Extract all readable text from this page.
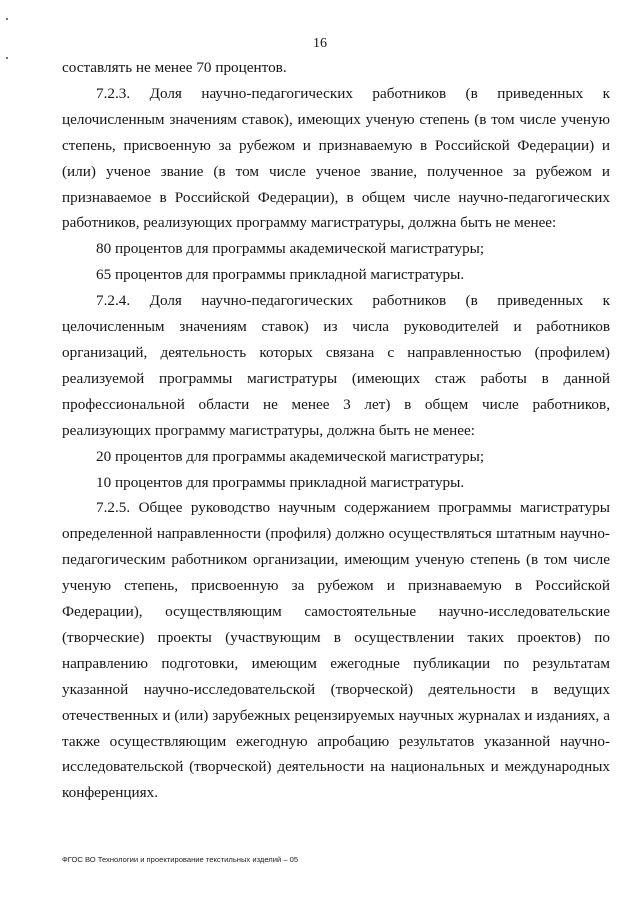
16

составлять не менее 70 процентов.

7.2.3. Доля научно-педагогических работников (в приведенных к целочисленным значениям ставок), имеющих ученую степень (в том числе ученую степень, присвоенную за рубежом и признаваемую в Российской Федерации) и (или) ученое звание (в том числе ученое звание, полученное за рубежом и признаваемое в Российской Федерации), в общем числе научно-педагогических работников, реализующих программу магистратуры, должна быть не менее:

80 процентов для программы академической магистратуры;

65 процентов для программы прикладной магистратуры.

7.2.4. Доля научно-педагогических работников (в приведенных к целочисленным значениям ставок) из числа руководителей и работников организаций, деятельность которых связана с направленностью (профилем) реализуемой программы магистратуры (имеющих стаж работы в данной профессиональной области не менее 3 лет) в общем числе работников, реализующих программу магистратуры, должна быть не менее:

20 процентов для программы академической магистратуры;

10 процентов для программы прикладной магистратуры.

7.2.5. Общее руководство научным содержанием программы магистратуры определенной направленности (профиля) должно осуществляться штатным научно-педагогическим работником организации, имеющим ученую степень (в том числе ученую степень, присвоенную за рубежом и признаваемую в Российской Федерации), осуществляющим самостоятельные научно-исследовательские (творческие) проекты (участвующим в осуществлении таких проектов) по направлению подготовки, имеющим ежегодные публикации по результатам указанной научно-исследовательской (творческой) деятельности в ведущих отечественных и (или) зарубежных рецензируемых научных журналах и изданиях, а также осуществляющим ежегодную апробацию результатов указанной научно-исследовательской (творческой) деятельности на национальных и международных конференциях.

ФГОС ВО Технологии и проектирование текстильных изделий – 05
